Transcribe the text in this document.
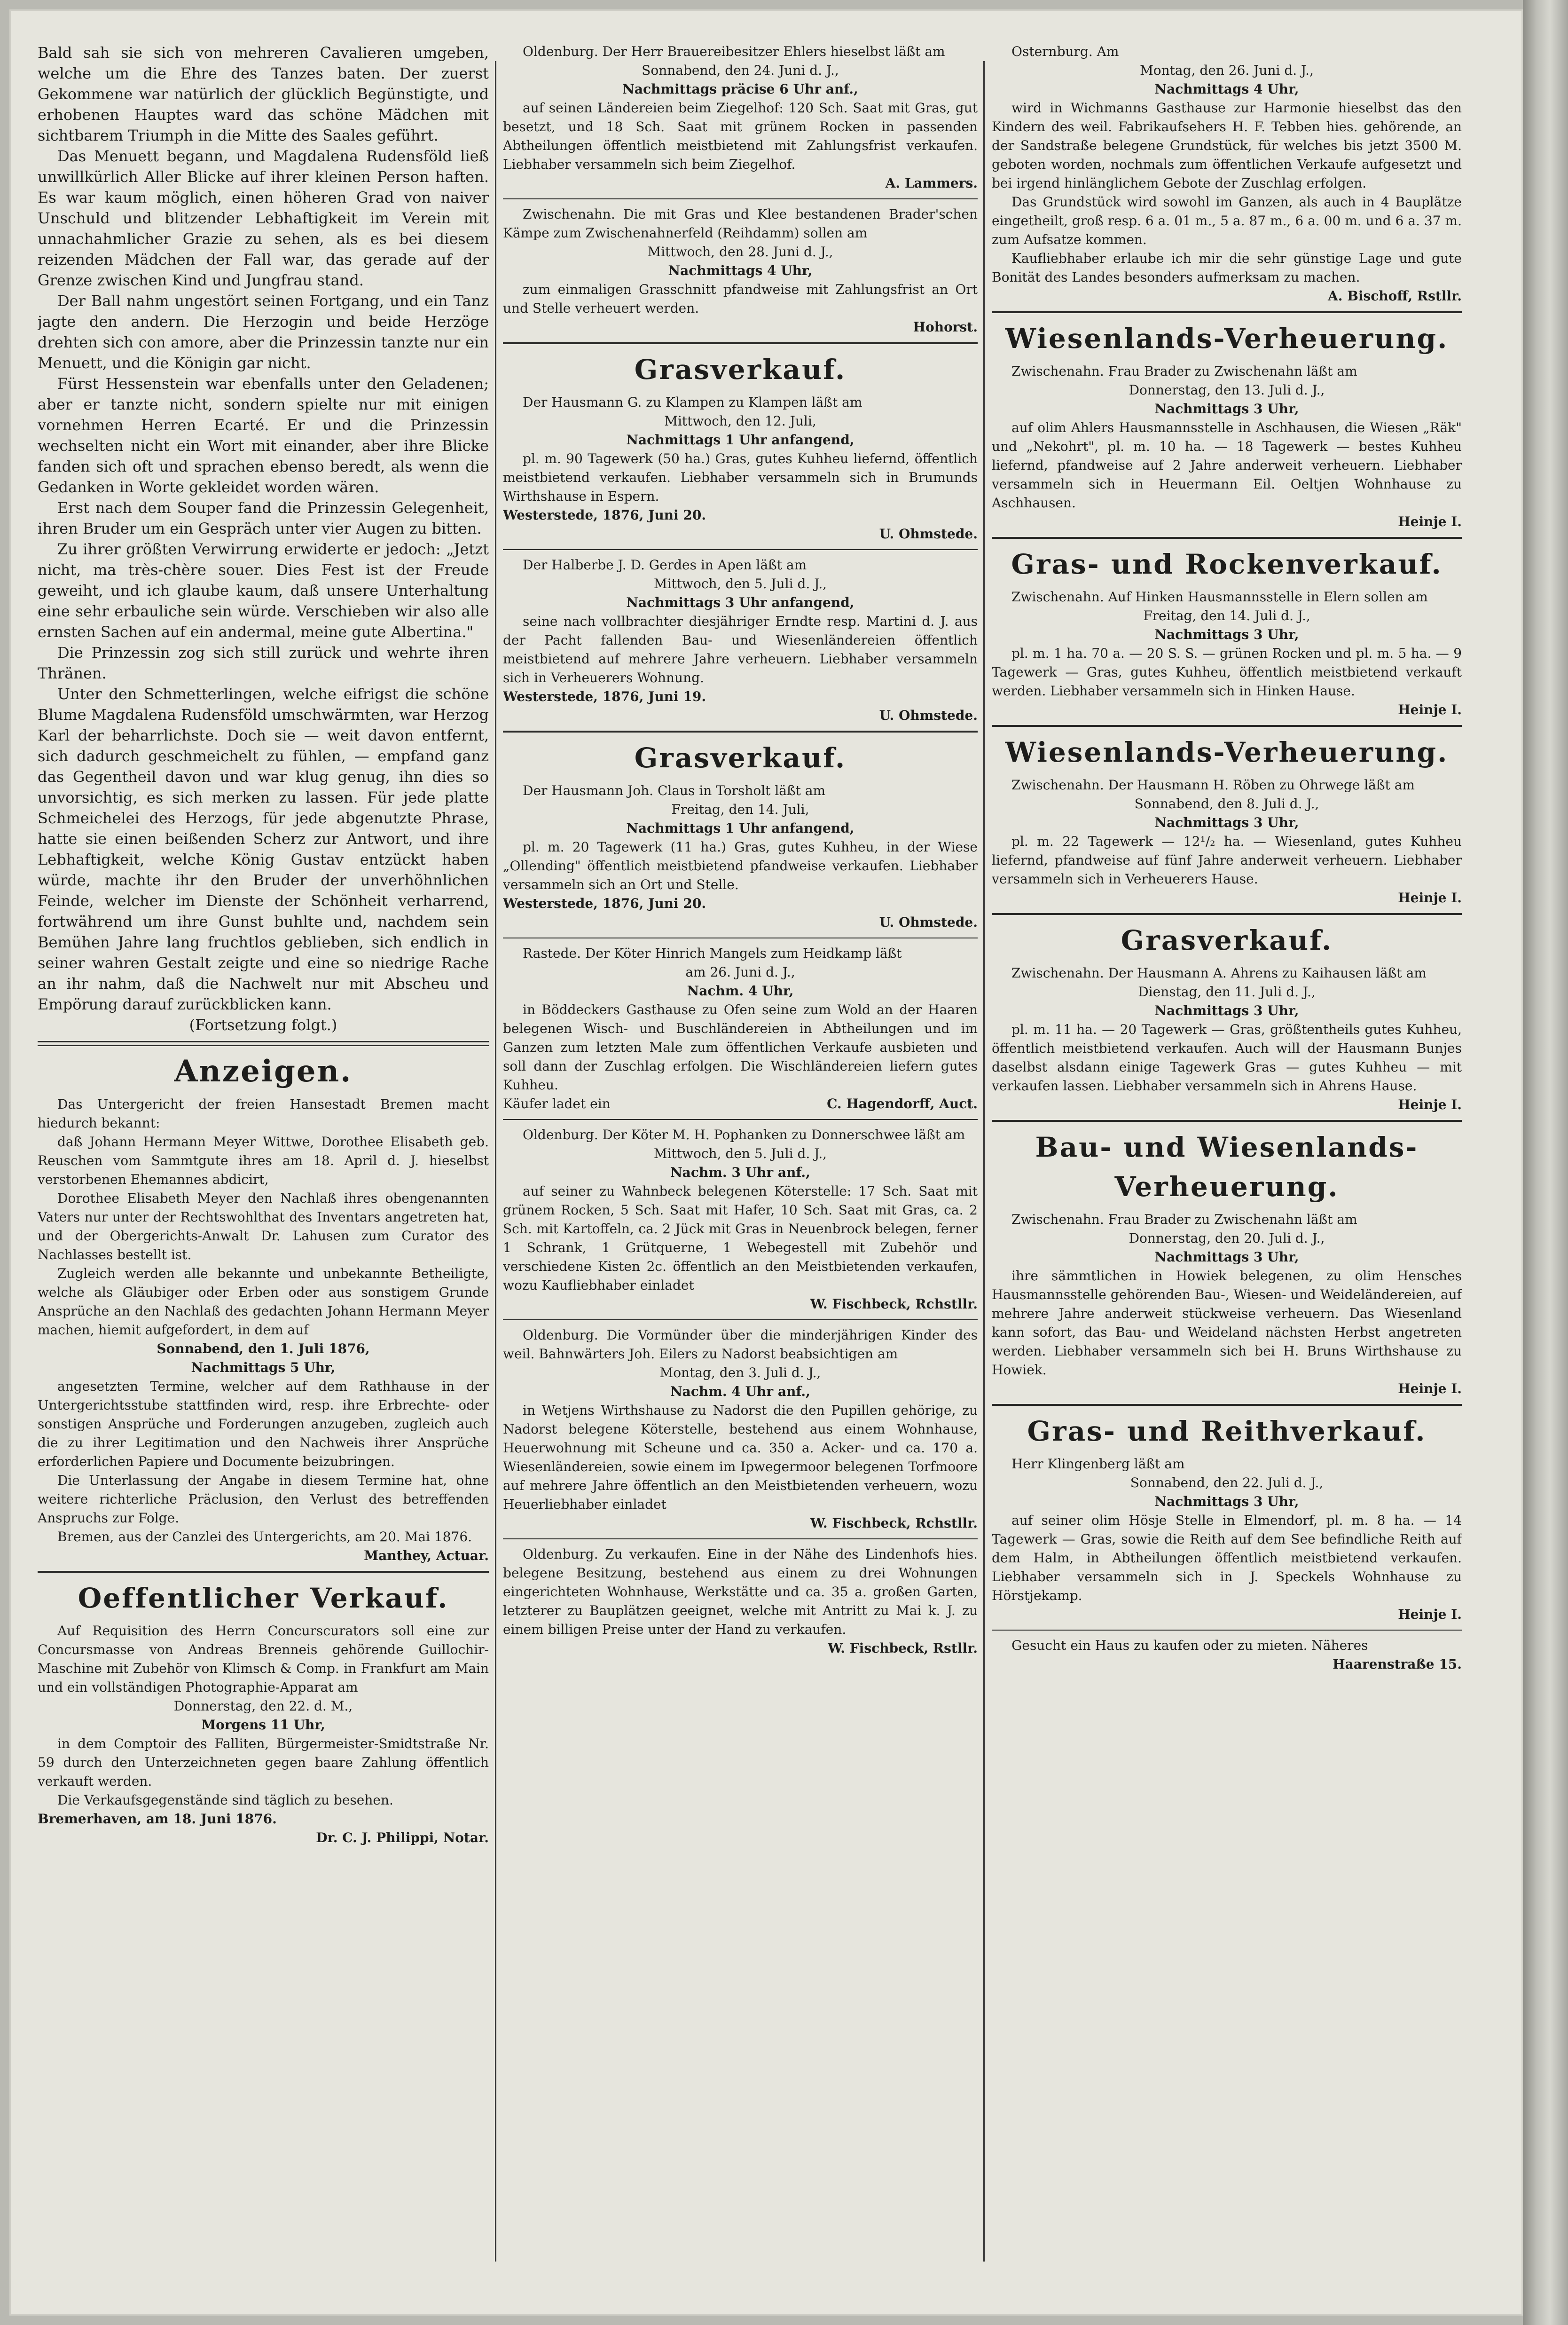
Bald sah sie sich von mehreren Cavalieren umgeben, welche um die Ehre des Tanzes baten. Der zuerst Gekommene war natürlich der glücklich Begünstigte, und erhobenen Hauptes ward das schöne Mädchen mit sichtbarem Triumph in die Mitte des Saales geführt.

Das Menuett begann, und Magdalena Rudensföld ließ unwillkürlich Aller Blicke auf ihrer kleinen Person haften. Es war kaum möglich, einen höheren Grad von naiver Unschuld und blitzender Lebhaftigkeit im Verein mit unnachahmlicher Grazie zu sehen, als es bei diesem reizenden Mädchen der Fall war, das gerade auf der Grenze zwischen Kind und Jungfrau stand.

Der Ball nahm ungestört seinen Fortgang, und ein Tanz jagte den andern. Die Herzogin und beide Herzöge drehten sich con amore, aber die Prinzessin tanzte nur ein Menuett, und die Königin gar nicht.

Fürst Hessenstein war ebenfalls unter den Geladenen; aber er tanzte nicht, sondern spielte nur mit einigen vornehmen Herren Ecarté. Er und die Prinzessin wechselten nicht ein Wort mit einander, aber ihre Blicke fanden sich oft und sprachen ebenso beredt, als wenn die Gedanken in Worte gekleidet worden wären.

Erst nach dem Souper fand die Prinzessin Gelegenheit, ihren Bruder um ein Gespräch unter vier Augen zu bitten.

Zu ihrer größten Verwirrung erwiderte er jedoch: „Jetzt nicht, ma très-chère souer. Dies Fest ist der Freude geweiht, und ich glaube kaum, daß unsere Unterhaltung eine sehr erbauliche sein würde. Verschieben wir also alle ernsten Sachen auf ein andermal, meine gute Albertina."

Die Prinzessin zog sich still zurück und wehrte ihren Thränen.

Unter den Schmetterlingen, welche eifrigst die schöne Blume Magdalena Rudensföld umschwärmten, war Herzog Karl der beharrlichste. Doch sie — weit davon entfernt, sich dadurch geschmeichelt zu fühlen, — empfand ganz das Gegentheil davon und war klug genug, ihn dies so unvorsichtig, es sich merken zu lassen. Für jede platte Schmeichelei des Herzogs, für jede abgenutzte Phrase, hatte sie einen beißenden Scherz zur Antwort, und ihre Lebhaftigkeit, welche König Gustav entzückt haben würde, machte ihr den Bruder der unverhöhnlichen Feinde, welcher im Dienste der Schönheit verharrend, fortwährend um ihre Gunst buhlte und, nachdem sein Bemühen Jahre lang fruchtlos geblieben, sich endlich in seiner wahren Gestalt zeigte und eine so niedrige Rache an ihr nahm, daß die Nachwelt nur mit Abscheu und Empörung darauf zurückblicken kann.

(Fortsetzung folgt.)

Anzeigen.

Das Untergericht der freien Hansestadt Bremen macht hiedurch bekannt:

daß Johann Hermann Meyer Wittwe, Dorothee Elisabeth geb. Reuschen vom Sammtgute ihres am 18. April d. J. hieselbst verstorbenen Ehemannes abdicirt,

Dorothee Elisabeth Meyer den Nachlaß ihres obengenannten Vaters nur unter der Rechtswohlthat des Inventars angetreten hat, und der Obergerichts-Anwalt Dr. Lahusen zum Curator des Nachlasses bestellt ist.

Zugleich werden alle bekannte und unbekannte Betheiligte, welche als Gläubiger oder Erben oder aus sonstigem Grunde Ansprüche an den Nachlaß des gedachten Johann Hermann Meyer machen, hiemit aufgefordert, in dem auf

Sonnabend, den 1. Juli 1876,

Nachmittags 5 Uhr,

angesetzten Termine, welcher auf dem Rathhause in der Untergerichtsstube stattfinden wird, resp. ihre Erbrechte- oder sonstigen Ansprüche und Forderungen anzugeben, zugleich auch die zu ihrer Legitimation und den Nachweis ihrer Ansprüche erforderlichen Papiere und Documente beizubringen.

Die Unterlassung der Angabe in diesem Termine hat, ohne weitere richterliche Präclusion, den Verlust des betreffenden Anspruchs zur Folge.

Bremen, aus der Canzlei des Untergerichts, am 20. Mai 1876.

Manthey, Actuar.

Oeffentlicher Verkauf.

Auf Requisition des Herrn Concurscurators soll eine zur Concursmasse von Andreas Brenneis gehörende Guillochir-Maschine mit Zubehör von Klimsch & Comp. in Frankfurt am Main und ein vollständigen Photographie-Apparat am

Donnerstag, den 22. d. M.,

Morgens 11 Uhr,

in dem Comptoir des Falliten, Bürgermeister-Smidtstraße Nr. 59 durch den Unterzeichneten gegen baare Zahlung öffentlich verkauft werden.

Die Verkaufsgegenstände sind täglich zu besehen.

Bremerhaven, am 18. Juni 1876.

Dr. C. J. Philippi, Notar.

Oldenburg. Der Herr Brauereibesitzer Ehlers hieselbst läßt am

Sonnabend, den 24. Juni d. J.,

Nachmittags präcise 6 Uhr anf.,

auf seinen Ländereien beim Ziegelhof: 120 Sch. Saat mit Gras, gut besetzt, und 18 Sch. Saat mit grünem Rocken in passenden Abtheilungen öffentlich meistbietend mit Zahlungsfrist verkaufen. Liebhaber versammeln sich beim Ziegelhof.

A. Lammers.

Zwischenahn. Die mit Gras und Klee bestandenen Brader'schen Kämpe zum Zwischenahnerfeld (Reihdamm) sollen am

Mittwoch, den 28. Juni d. J.,

Nachmittags 4 Uhr,

zum einmaligen Grasschnitt pfandweise mit Zahlungsfrist an Ort und Stelle verheuert werden.

Hohorst.

Grasverkauf.

Der Hausmann G. zu Klampen zu Klampen läßt am

Mittwoch, den 12. Juli,

Nachmittags 1 Uhr anfangend,

pl. m. 90 Tagewerk (50 ha.) Gras, gutes Kuhheu liefernd, öffentlich meistbietend verkaufen. Liebhaber versammeln sich in Brumunds Wirthshause in Espern.

Westerstede, 1876, Juni 20.

U. Ohmstede.

Der Halberbe J. D. Gerdes in Apen läßt am

Mittwoch, den 5. Juli d. J.,

Nachmittags 3 Uhr anfangend,

seine nach vollbrachter diesjähriger Erndte resp. Martini d. J. aus der Pacht fallenden Bau- und Wiesenländereien öffentlich meistbietend auf mehrere Jahre verheuern. Liebhaber versammeln sich in Verheuerers Wohnung.

Westerstede, 1876, Juni 19.

U. Ohmstede.

Grasverkauf.

Der Hausmann Joh. Claus in Torsholt läßt am

Freitag, den 14. Juli,

Nachmittags 1 Uhr anfangend,

pl. m. 20 Tagewerk (11 ha.) Gras, gutes Kuhheu, in der Wiese „Ollending" öffentlich meistbietend pfandweise verkaufen. Liebhaber versammeln sich an Ort und Stelle.

Westerstede, 1876, Juni 20.

U. Ohmstede.

Rastede. Der Köter Hinrich Mangels zum Heidkamp läßt

am 26. Juni d. J.,

Nachm. 4 Uhr,

in Böddeckers Gasthause zu Ofen seine zum Wold an der Haaren belegenen Wisch- und Buschländereien in Abtheilungen und im Ganzen zum letzten Male zum öffentlichen Verkaufe ausbieten und soll dann der Zuschlag erfolgen. Die Wischländereien liefern gutes Kuhheu.

Käufer ladet ein	C. Hagendorff, Auct.

Oldenburg. Der Köter M. H. Pophanken zu Donnerschwee läßt am

Mittwoch, den 5. Juli d. J.,

Nachm. 3 Uhr anf.,

auf seiner zu Wahnbeck belegenen Köterstelle: 17 Sch. Saat mit grünem Rocken, 5 Sch. Saat mit Hafer, 10 Sch. Saat mit Gras, ca. 2 Sch. mit Kartoffeln, ca. 2 Jück mit Gras in Neuenbrock belegen, ferner 1 Schrank, 1 Grütquerne, 1 Webegestell mit Zubehör und verschiedene Kisten 2c. öffentlich an den Meistbietenden verkaufen, wozu Kaufliebhaber einladet

W. Fischbeck, Rchstllr.

Oldenburg. Die Vormünder über die minderjährigen Kinder des weil. Bahnwärters Joh. Eilers zu Nadorst beabsichtigen am

Montag, den 3. Juli d. J.,

Nachm. 4 Uhr anf.,

in Wetjens Wirthshause zu Nadorst die den Pupillen gehörige, zu Nadorst belegene Köterstelle, bestehend aus einem Wohnhause, Heuerwohnung mit Scheune und ca. 350 a. Acker- und ca. 170 a. Wiesenländereien, sowie einem im Ipwegermoor belegenen Torfmoore auf mehrere Jahre öffentlich an den Meistbietenden verheuern, wozu Heuerliebhaber einladet

W. Fischbeck, Rchstllr.

Oldenburg. Zu verkaufen. Eine in der Nähe des Lindenhofs hies. belegene Besitzung, bestehend aus einem zu drei Wohnungen eingerichteten Wohnhause, Werkstätte und ca. 35 a. großen Garten, letzterer zu Bauplätzen geeignet, welche mit Antritt zu Mai k. J. zu einem billigen Preise unter der Hand zu verkaufen.

W. Fischbeck, Rstllr.

Osternburg. Am

Montag, den 26. Juni d. J.,

Nachmittags 4 Uhr,

wird in Wichmanns Gasthause zur Harmonie hieselbst das den Kindern des weil. Fabrikaufsehers H. F. Tebben hies. gehörende, an der Sandstraße belegene Grundstück, für welches bis jetzt 3500 M. geboten worden, nochmals zum öffentlichen Verkaufe aufgesetzt und bei irgend hinlänglichem Gebote der Zuschlag erfolgen.

Das Grundstück wird sowohl im Ganzen, als auch in 4 Bauplätze eingetheilt, groß resp. 6 a. 01 m., 5 a. 87 m., 6 a. 00 m. und 6 a. 37 m. zum Aufsatze kommen.

Kaufliebhaber erlaube ich mir die sehr günstige Lage und gute Bonität des Landes besonders aufmerksam zu machen.

A. Bischoff, Rstllr.

Wiesenlands-Verheuerung.

Zwischenahn. Frau Brader zu Zwischenahn läßt am

Donnerstag, den 13. Juli d. J.,

Nachmittags 3 Uhr,

auf olim Ahlers Hausmannsstelle in Aschhausen, die Wiesen „Räk" und „Nekohrt", pl. m. 10 ha. — 18 Tagewerk — bestes Kuhheu liefernd, pfandweise auf 2 Jahre anderweit verheuern. Liebhaber versammeln sich in Heuermann Eil. Oeltjen Wohnhause zu Aschhausen.

Heinje I.

Gras- und Rockenverkauf.

Zwischenahn. Auf Hinken Hausmannsstelle in Elern sollen am

Freitag, den 14. Juli d. J.,

Nachmittags 3 Uhr,

pl. m. 1 ha. 70 a. — 20 S. S. — grünen Rocken und pl. m. 5 ha. — 9 Tagewerk — Gras, gutes Kuhheu, öffentlich meistbietend verkauft werden. Liebhaber versammeln sich in Hinken Hause.

Heinje I.

Wiesenlands-Verheuerung.

Zwischenahn. Der Hausmann H. Röben zu Ohrwege läßt am

Sonnabend, den 8. Juli d. J.,

Nachmittags 3 Uhr,

pl. m. 22 Tagewerk — 12¹/₂ ha. — Wiesenland, gutes Kuhheu liefernd, pfandweise auf fünf Jahre anderweit verheuern. Liebhaber versammeln sich in Verheuerers Hause.

Heinje I.

Grasverkauf.

Zwischenahn. Der Hausmann A. Ahrens zu Kaihausen läßt am

Dienstag, den 11. Juli d. J.,

Nachmittags 3 Uhr,

pl. m. 11 ha. — 20 Tagewerk — Gras, größtentheils gutes Kuhheu, öffentlich meistbietend verkaufen. Auch will der Hausmann Bunjes daselbst alsdann einige Tagewerk Gras — gutes Kuhheu — mit verkaufen lassen. Liebhaber versammeln sich in Ahrens Hause.

Heinje I.

Bau- und Wiesenlands-Verheuerung.

Zwischenahn. Frau Brader zu Zwischenahn läßt am

Donnerstag, den 20. Juli d. J.,

Nachmittags 3 Uhr,

ihre sämmtlichen in Howiek belegenen, zu olim Hensches Hausmannsstelle gehörenden Bau-, Wiesen- und Weideländereien, auf mehrere Jahre anderweit stückweise verheuern. Das Wiesenland kann sofort, das Bau- und Weideland nächsten Herbst angetreten werden. Liebhaber versammeln sich bei H. Bruns Wirthshause zu Howiek.

Heinje I.

Gras- und Reithverkauf.

Herr Klingenberg läßt am

Sonnabend, den 22. Juli d. J.,

Nachmittags 3 Uhr,

auf seiner olim Hösje Stelle in Elmendorf, pl. m. 8 ha. — 14 Tagewerk — Gras, sowie die Reith auf dem See befindliche Reith auf dem Halm, in Abtheilungen öffentlich meistbietend verkaufen. Liebhaber versammeln sich in J. Speckels Wohnhause zu Hörstjekamp.

Heinje I.

Gesucht ein Haus zu kaufen oder zu mieten. Näheres

Haarenstraße 15.
